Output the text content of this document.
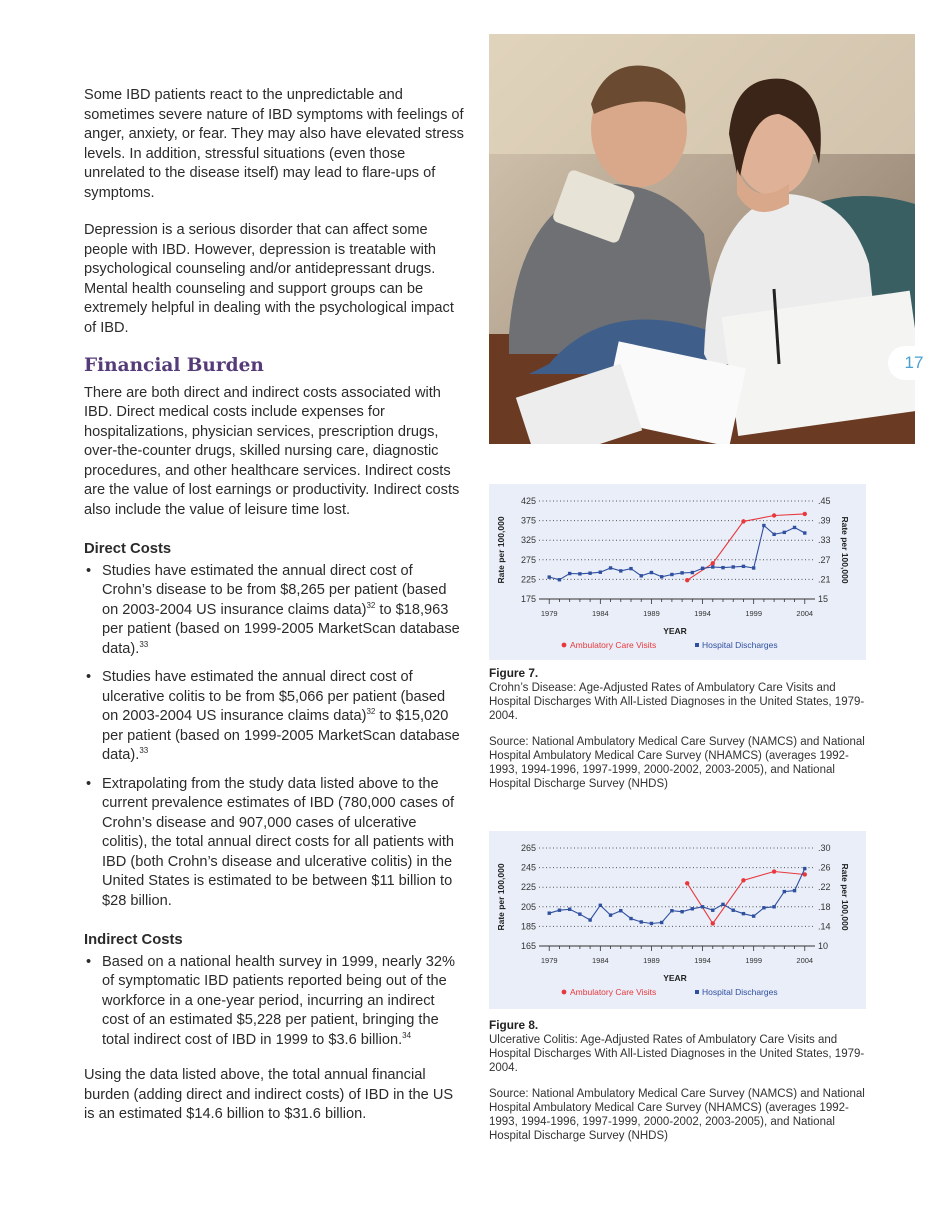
Some IBD patients react to the unpredictable and sometimes severe nature of IBD symptoms with feelings of anger, anxiety, or fear. They may also have elevated stress levels. In addition, stressful situations (even those unrelated to the disease itself) may lead to flare-ups of symptoms.

Depression is a serious disorder that can affect some people with IBD. However, depression is treatable with psychological counseling and/or antidepressant drugs. Mental health counseling and support groups can be extremely helpful in dealing with the psychological impact of IBD.

Financial Burden

There are both direct and indirect costs associated with IBD. Direct medical costs include expenses for hospitalizations, physician services, prescription drugs, over-the-counter drugs, skilled nursing care, diagnostic procedures, and other healthcare services. Indirect costs are the value of lost earnings or productivity. Indirect costs also include the value of leisure time lost.

Direct Costs
• Studies have estimated the annual direct cost of Crohn’s disease to be from $8,265 per patient (based on 2003-2004 US insurance claims data)$^{32}$ to $18,963 per patient (based on 1999-2005 MarketScan database data).$^{33}$
• Studies have estimated the annual direct cost of ulcerative colitis to be from $5,066 per patient (based on 2003-2004 US insurance claims data)$^{32}$ to $15,020 per patient (based on 1999-2005 MarketScan database data).$^{33}$
• Extrapolating from the study data listed above to the current prevalence estimates of IBD (780,000 cases of Crohn’s disease and 907,000 cases of ulcerative colitis), the total annual direct costs for all patients with IBD (both Crohn’s disease and ulcerative colitis) in the United States is estimated to be between $11 billion to $28 billion.
Indirect Costs
• Based on a national health survey in 1999, nearly 32% of symptomatic IBD patients reported being out of the workforce in a one-year period, incurring an indirect cost of an estimated $5,228 per patient, bringing the total indirect cost of IBD in 1999 to $3.6 billion.$^{34}$

Using the data listed above, the total annual financial burden (adding direct and indirect costs) of IBD in the US is an estimated $14.6 billion to $31.6 billion.

17
425	.45
375	.39
325	.33
275	.27
225	.21
175	15
1979	1984	1989	1994	1999	2004
YEAR
Rate per 100,000	Rate per 100,000
Ambulatory Care Visits	Hospital Discharges
Figure 7.
Crohn’s Disease: Age-Adjusted Rates of Ambulatory Care Visits and Hospital Discharges With All-Listed Diagnoses in the United States, 1979-2004.
Source: National Ambulatory Medical Care Survey (NAMCS) and National Hospital Ambulatory Medical Care Survey (NHAMCS) (averages 1992-1993, 1994-1996, 1997-1999, 2000-2002, 2003-2005), and National Hospital Discharge Survey (NHDS)
265	.30
245	.26
225	.22
205	.18
185	.14
165	10
1979	1984	1989	1994	1999	2004
YEAR
Rate per 100,000	Rate per 100,000
Ambulatory Care Visits	Hospital Discharges
Figure 8.
Ulcerative Colitis: Age-Adjusted Rates of Ambulatory Care Visits and Hospital Discharges With All-Listed Diagnoses in the United States, 1979-2004.
Source: National Ambulatory Medical Care Survey (NAMCS) and National Hospital Ambulatory Medical Care Survey (NHAMCS) (averages 1992-1993, 1994-1996, 1997-1999, 2000-2002, 2003-2005), and National Hospital Discharge Survey (NHDS)
